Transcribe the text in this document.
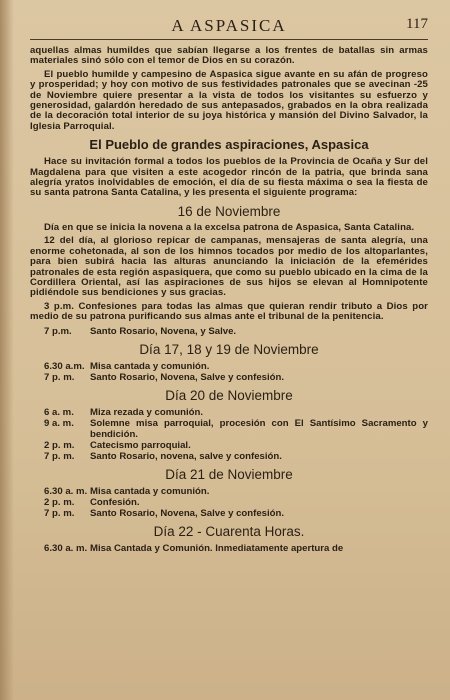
A ASPASICA	117

aquellas almas humildes que sabían llegarse a los frentes de batallas sin armas materiales sinó sólo con el temor de Dios en su corazón.

El pueblo humilde y campesino de Aspasica sigue avante en su afán de progreso y prosperidad; y hoy con motivo de sus festividades patronales que se avecinan -25 de Noviembre quiere presentar a la vista de todos los visitantes su esfuerzo y generosidad, galardón heredado de sus antepasados, grabados en la obra realizada de la decoración total interior de su joya histórica y mansión del Divino Salvador, la Iglesia Parroquial.

El Pueblo de grandes aspiraciones, Aspasica

Hace su invitación formal a todos los pueblos de la Provincia de Ocaña y Sur del Magdalena para que visiten a este acogedor rincón de la patria, que brinda sana alegría yratos inolvidables de emoción, el día de su fiesta máxima o sea la fiesta de su santa patrona Santa Catalina, y les presenta el siguiente programa:

16 de Noviembre

Día en que se inicia la novena a la excelsa patrona de Aspasica, Santa Catalina.

12 del día, al glorioso repicar de campanas, mensajeras de santa alegría, una enorme cohetonada, al son de los himnos tocados por medio de los altoparlantes, para bien subirá hacia las alturas anunciando la iniciación de la efemérides patronales de esta región aspasiquera, que como su pueblo ubicado en la cima de la Cordillera Oriental, así las aspiraciones de sus hijos se elevan al Homnipotente pidiéndole sus bendiciones y sus gracias.

3 p.m. Confesiones para todas las almas que quieran rendir tributo a Dios por medio de su patrona purificando sus almas ante el tribunal de la penitencia.

7 p.m.	Santo Rosario, Novena, y Salve.
Día 17, 18 y 19 de Noviembre
6.30 a.m. Misa cantada y comunión.
7 p. m.	Santo Rosario, Novena, Salve y confesión.
Día 20 de Noviembre
6 a. m.	Miza rezada y comunión.
9 a. m.	Solemne misa parroquial, procesión con El Santísimo Sacramento y bendición.
2 p. m.	Catecismo parroquial.
7 p. m.	Santo Rosario, novena, salve y confesión.
Día 21 de Noviembre
6.30 a. m. Misa cantada y comunión.
2 p. m.	Confesión.
7 p. m.	Santo Rosario, Novena, Salve y confesión.
Día 22 - Cuarenta Horas.
6.30 a. m. Misa Cantada y Comunión. Inmediatamente apertura de
